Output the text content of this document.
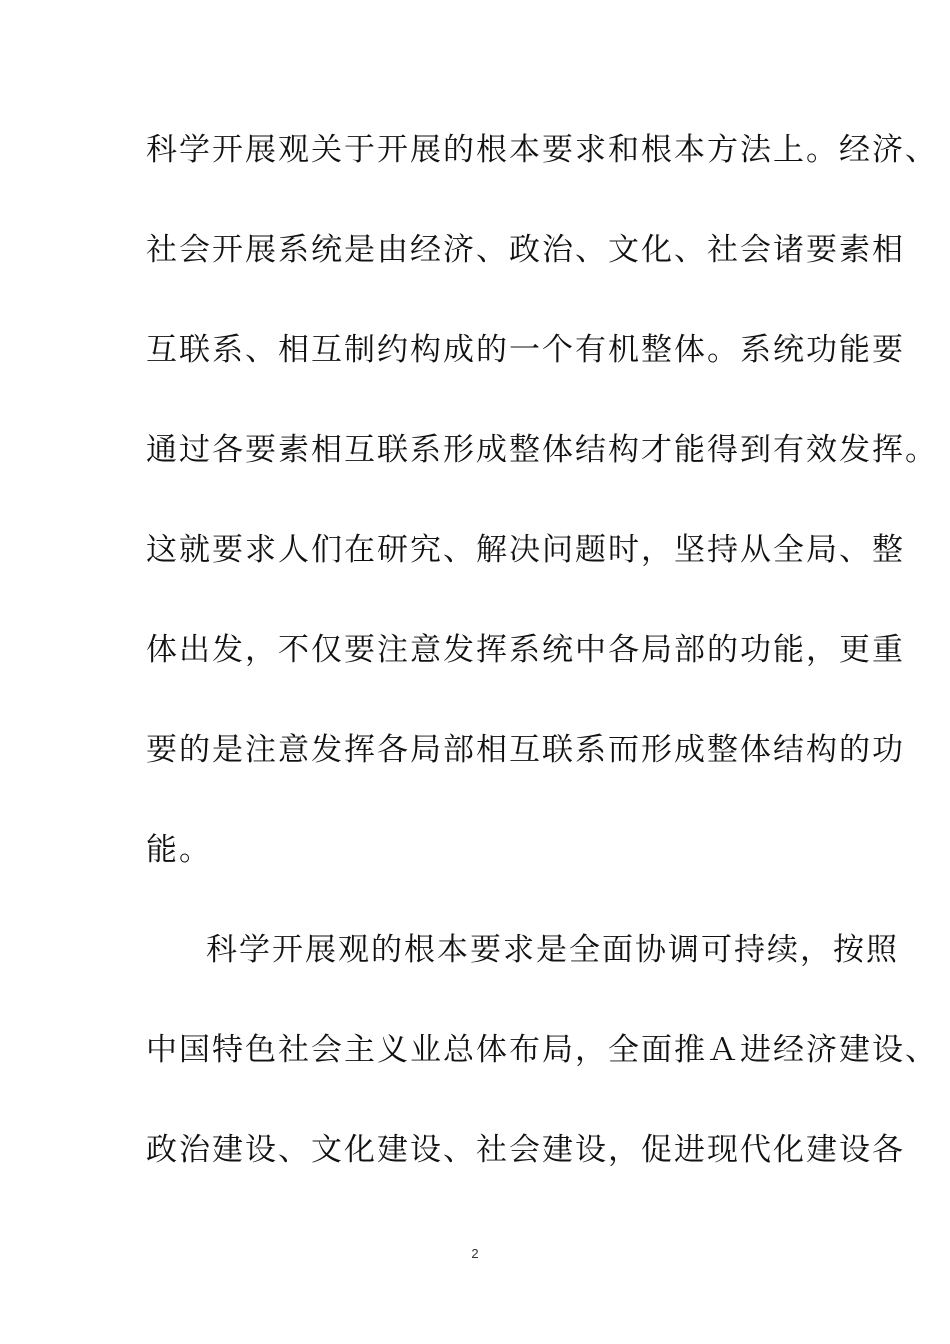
科学开展观关于开展的根本要求和根本方法上。经济、
社会开展系统是由经济、政治、文化、社会诸要素相
互联系、相互制约构成的一个有机整体。系统功能要
通过各要素相互联系形成整体结构才能得到有效发挥。
这就要求人们在研究、解决问题时，坚持从全局、整
体出发，不仅要注意发挥系统中各局部的功能，更重
要的是注意发挥各局部相互联系而形成整体结构的功
能。
科学开展观的根本要求是全面协调可持续，按照
中国特色社会主义业总体布局，全面推Ａ进经济建设、
政治建设、文化建设、社会建设，促进现代化建设各
2
